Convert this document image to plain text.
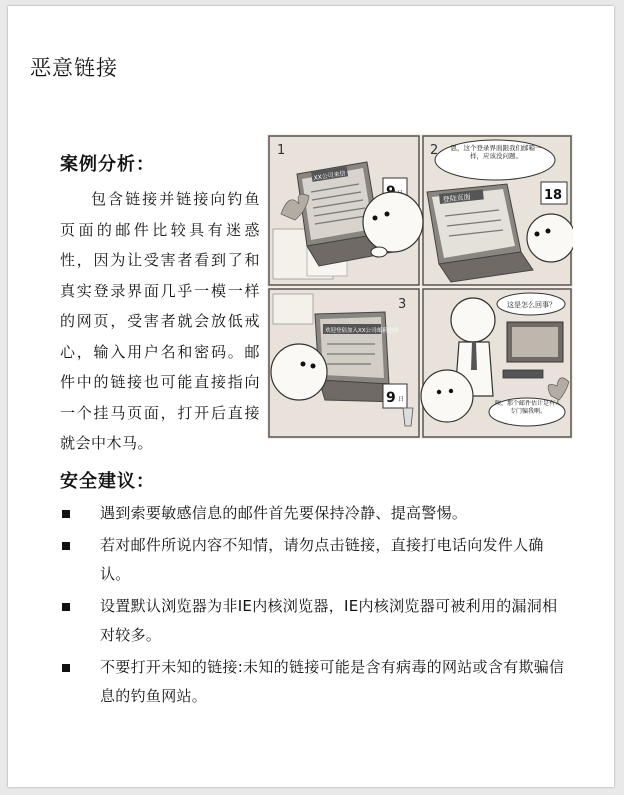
恶意链接
案例分析：

包含链接并链接向钓鱼页面的邮件比较具有迷惑性，因为让受害者看到了和真实登录界面几乎一模一样的网页，受害者就会放低戒心，输入用户名和密码。邮件中的链接也可能直接指向一个挂马页面，打开后直接就会中木马。

1	2
3
XX公司来信
恩，这个登录界面跟我们邮箱一样，应该没问题。
登陆页面	18
欢迎登陆加入XX公司邮箱向你
9 日
这是怎么回事？
唉，那个邮件估计是有人专门骗我啊。
安全建议：
遇到索要敏感信息的邮件首先要保持冷静、提高警惕。
若对邮件所说内容不知情，请勿点击链接，直接打电话向发件人确认。
设置默认浏览器为非IE内核浏览器，IE内核浏览器可被利用的漏洞相对较多。
不要打开未知的链接:未知的链接可能是含有病毒的网站或含有欺骗信息的钓鱼网站。
